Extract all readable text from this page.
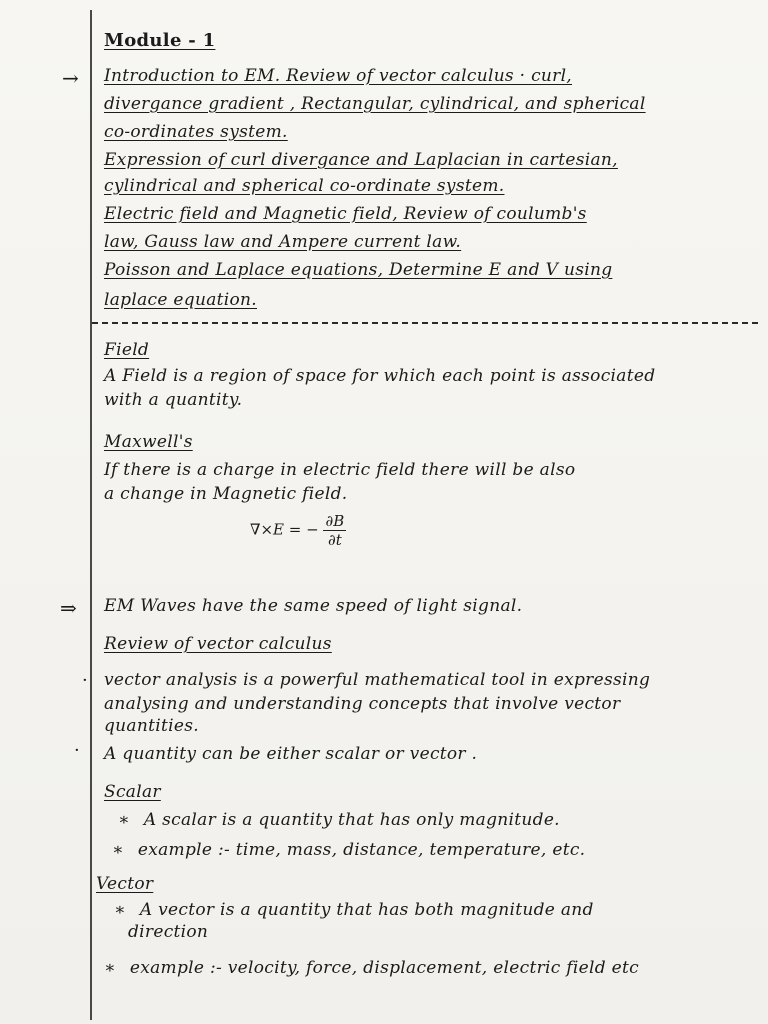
Module - 1
→ Introduction to EM. Review of vector calculus · curl,
divergance gradient , Rectangular, cylindrical, and spherical
co-ordinates system.
Expression of curl divergance and Laplacian in cartesian,
cylindrical and spherical co-ordinate system.
Electric field and Magnetic field, Review of coulumb's
law, Gauss law and Ampere current law.
Poisson and Laplace equations, Determine E and V using
laplace equation.
Field
A Field is a region of space for which each point is associated
with a quantity.
Maxwell's
If there is a charge in electric field there will be also
a change in Magnetic field.
∇×E = − $\frac{\partial B}{\partial t}$
⇒ EM Waves have the same speed of light signal.
Review of vector calculus
· vector analysis is a powerful mathematical tool in expressing
analysing and understanding concepts that involve vector
quantities.
· A quantity can be either scalar or vector .
Scalar
∗ A scalar is a quantity that has only magnitude.
∗ example :- time, mass, distance, temperature, etc.
Vector
∗ A vector is a quantity that has both magnitude and
direction
∗ example :- velocity, force, displacement, electric field etc
